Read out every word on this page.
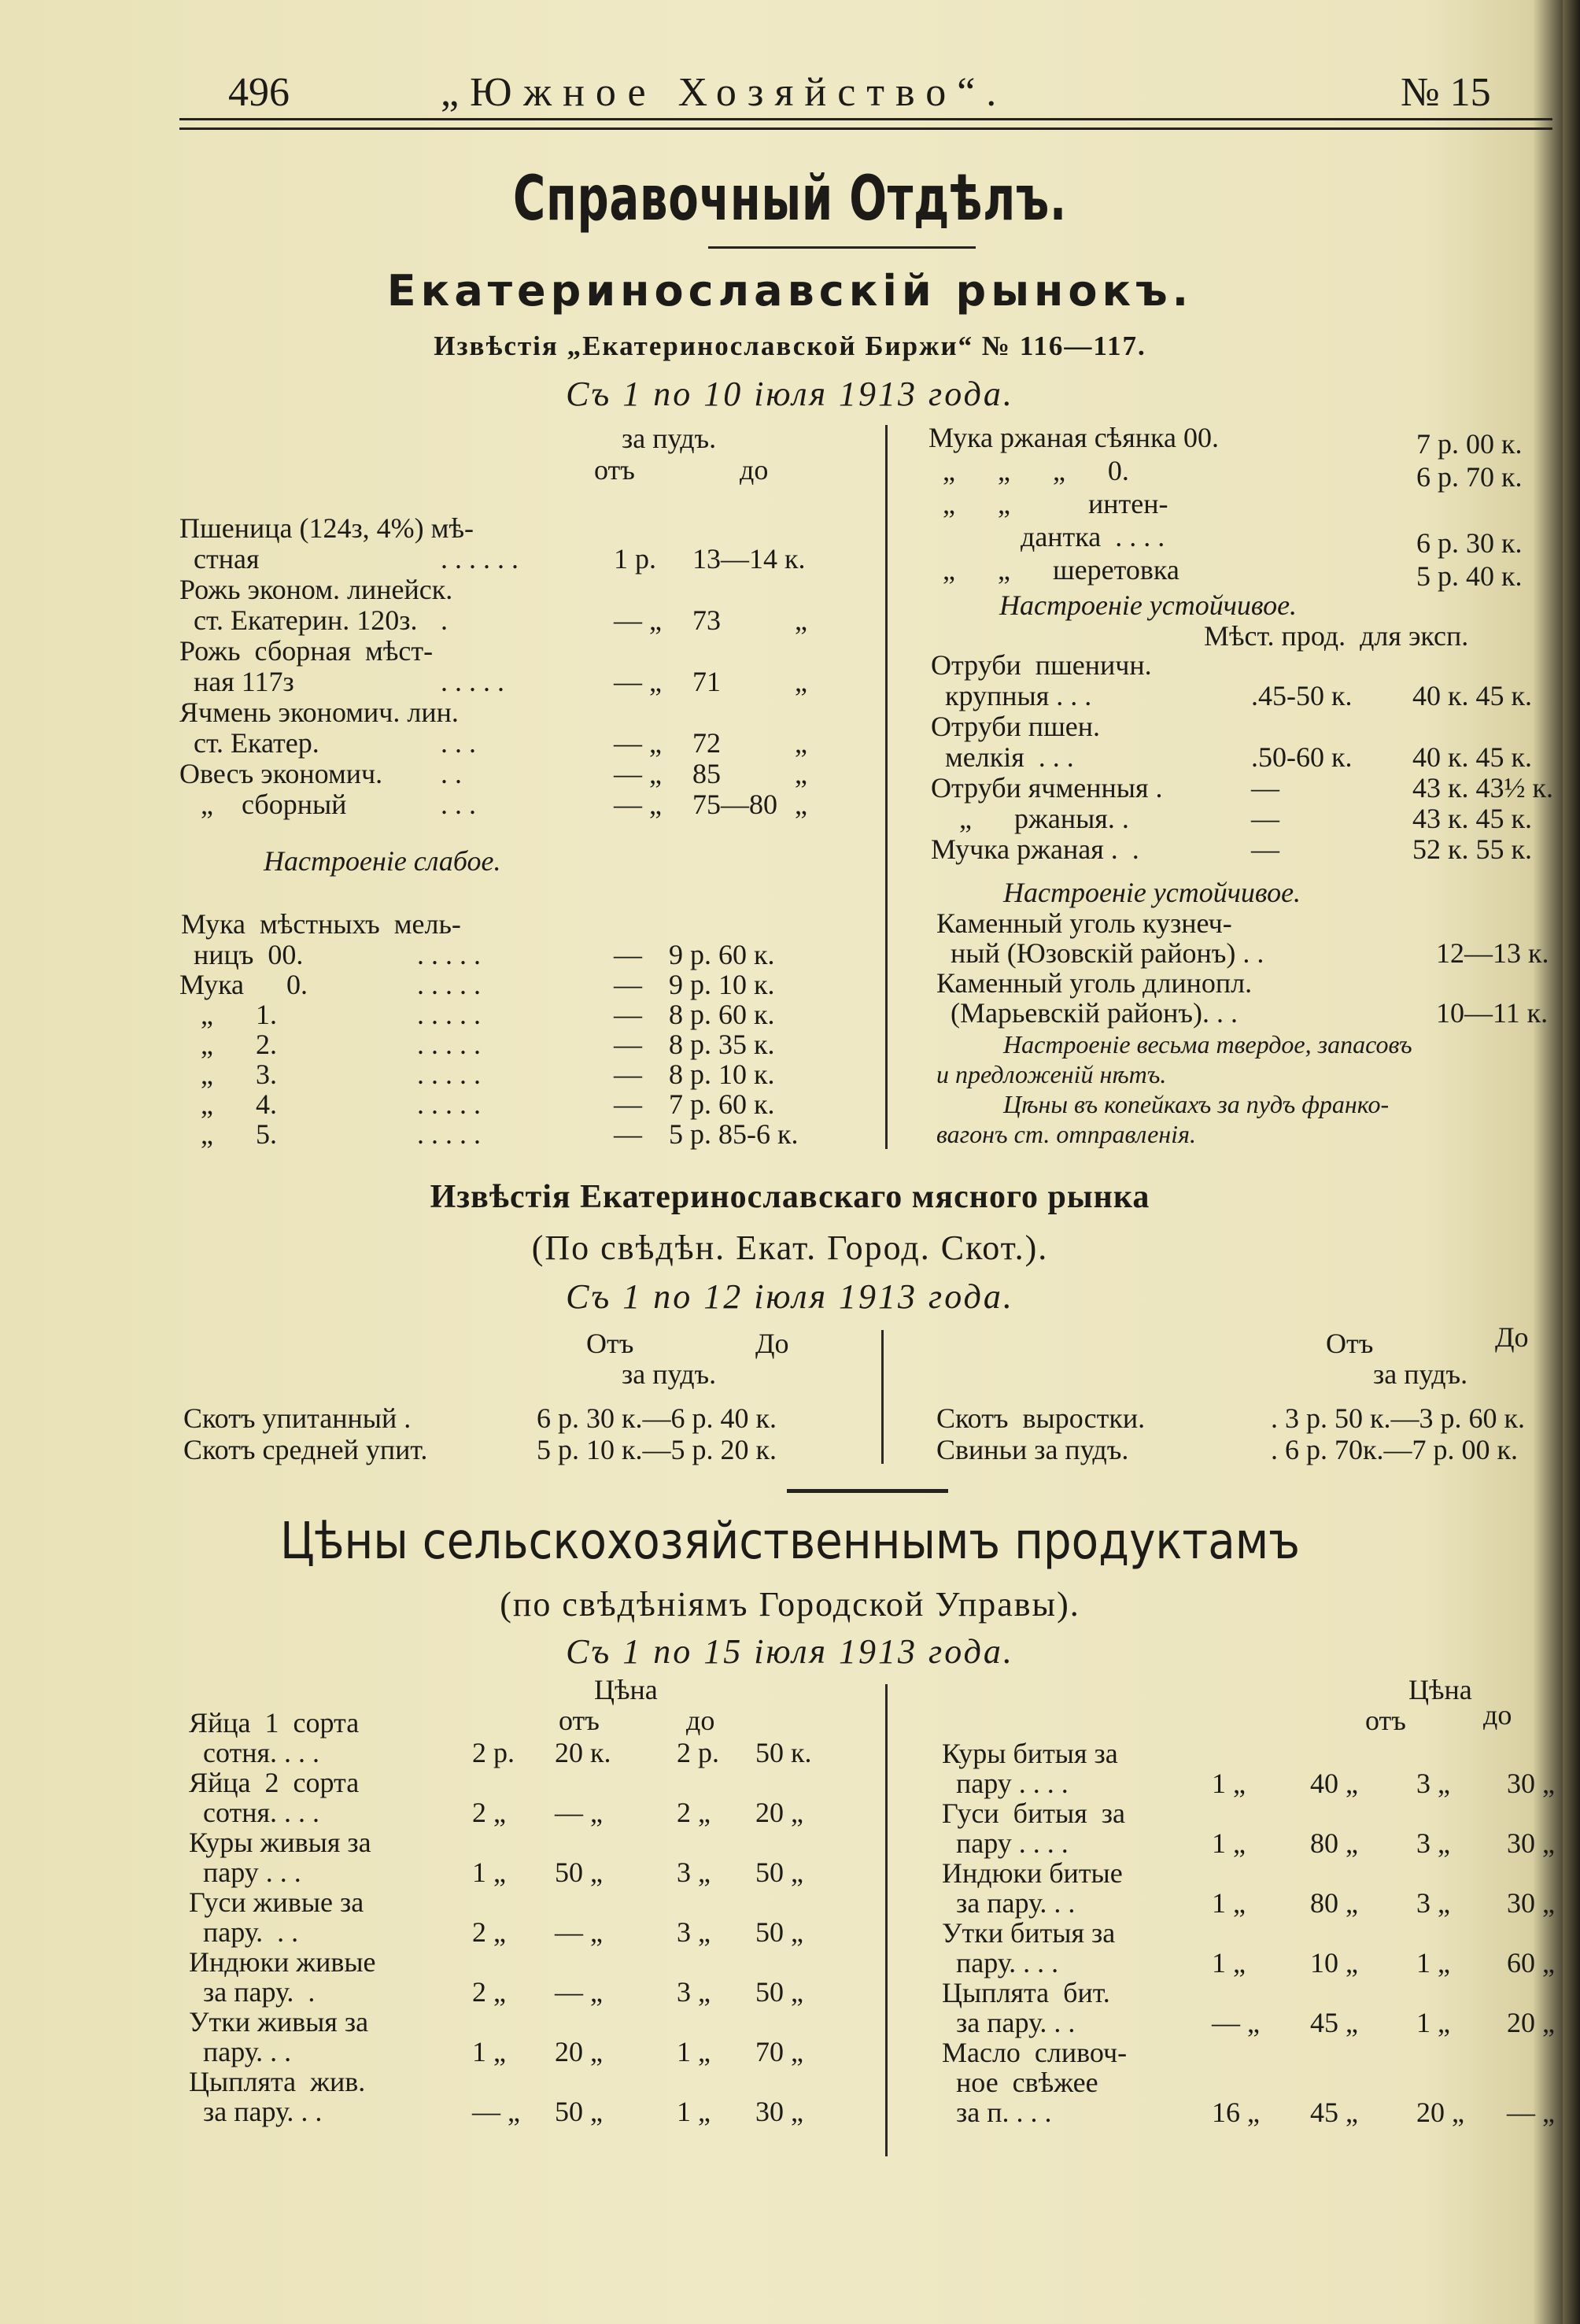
496	„Южное Хозяйство“.	№ 15
Справочный Отдѣлъ.
Екатеринославскій рынокъ.
Извѣстія „Екатеринославской Биржи“ № 116—117.
Съ 1 по 10 іюля 1913 года.
за пудъ.
отъ	до
Пшеница (124з, 4%) мѣ-
стная	. . . . . .	1 р. 13—14 к.
Рожь эконом. линейск.
ст. Екатерин. 120з. .	— „ 73	„
Рожь  сборная  мѣст-
ная 117з	. . . . .	— „ 71	„
Ячмень экономич. лин.
ст. Екатер.	. . .	— „ 72	„
Овесъ экономич. . .	— „ 85	„
„    сборный	. . .	— „ 75—80 „
Настроеніе слабое.
Мука  мѣстныхъ  мель-
ницъ  00.	. . . . .	— 9 р. 60 к.
Мука      0.	. . . . .	— 9 р. 10 к.
„      1.	. . . . .	— 8 р. 60 к.
„      2.	. . . . .	— 8 р. 35 к.
„      3.	. . . . .	— 8 р. 10 к.
„      4.	. . . . .	— 7 р. 60 к.
„      5.	. . . . .	— 5 р. 85-6 к.
Мука ржаная сѣянка 00.	7 р. 00 к.
„      „      „      0.	6 р. 70 к.
„      „           интен-
дантка  . . . .	6 р. 30 к.
„      „      шеретовка	5 р. 40 к.
Настроеніе устойчивое.
Мѣст. прод.  для эксп.
Отруби  пшеничн.
крупныя . . .	.45-50 к. 40 к. 45 к.
Отруби пшен.
мелкія  . . .	.50-60 к. 40 к. 45 к.
Отруби ячменныя .	—	43 к. 43½ к.
„      ржаныя. .	—	43 к. 45 к.
Мучка ржаная .  .	—	52 к. 55 к.
Настроеніе устойчивое.
Каменный уголь кузнеч-
ный (Юзовскій районъ) . .	12—13 к.
Каменный уголь длинопл.
(Марьевскій районъ). . .	10—11 к.
Настроеніе весьма твердое, запасовъ
и предложеній нѣтъ.
Цѣны въ копейкахъ за пудъ франко-
вагонъ ст. отправленія.
Извѣстія Екатеринославскаго мясного рынка
(По свѣдѣн. Екат. Город. Скот.).
Съ 1 по 12 іюля 1913 года.
Отъ	До
за пудъ.
Отъ	До
за пудъ.
Скотъ упитанный .	6 р. 30 к.—6 р. 40 к.
Скотъ средней упит.	5 р. 10 к.—5 р. 20 к.
Скотъ  выростки.	. 3 р. 50 к.—3 р. 60 к.
Свиньи за пудъ.	. 6 р. 70к.—7 р. 00 к.
Цѣны сельскохозяйственнымъ продуктамъ
(по свѣдѣніямъ Городской Управы).
Съ 1 по 15 іюля 1913 года.
Цѣна
отъ	до
Цѣна
отъ	до
Яйца  1  сорта
сотня. . . .	2 р. 20 к. 2 р. 50 к.
Яйца  2  сорта
сотня. . . .	2 „ — „	2 „ 20 „
Куры живыя за
пару . . .	1 „ 50 „	3 „ 50 „
Гуси живые за
пару.  . .	2 „ — „	3 „ 50 „
Индюки живые
за пару.  .	2 „ — „	3 „ 50 „
Утки живыя за
пару. . .	1 „ 20 „	1 „ 70 „
Цыплята  жив.
за пару. . .	— „ 50 „	1 „ 30 „
Куры битыя за
пару . . . .	1 „ 40 „ 3 „ 30 „
Гуси  битыя  за
пару . . . .	1 „ 80 „ 3 „ 30 „
Индюки битые
за пару. . .	1 „ 80 „ 3 „ 30 „
Утки битыя за
пару. . . .	1 „ 10 „ 1 „ 60 „
Цыплята  бит.
за пару. . .	— „ 45 „ 1 „ 20 „
Масло  сливоч-
ное  свѣжее
за п. . . .	16 „ 45 „ 20 „ — „
